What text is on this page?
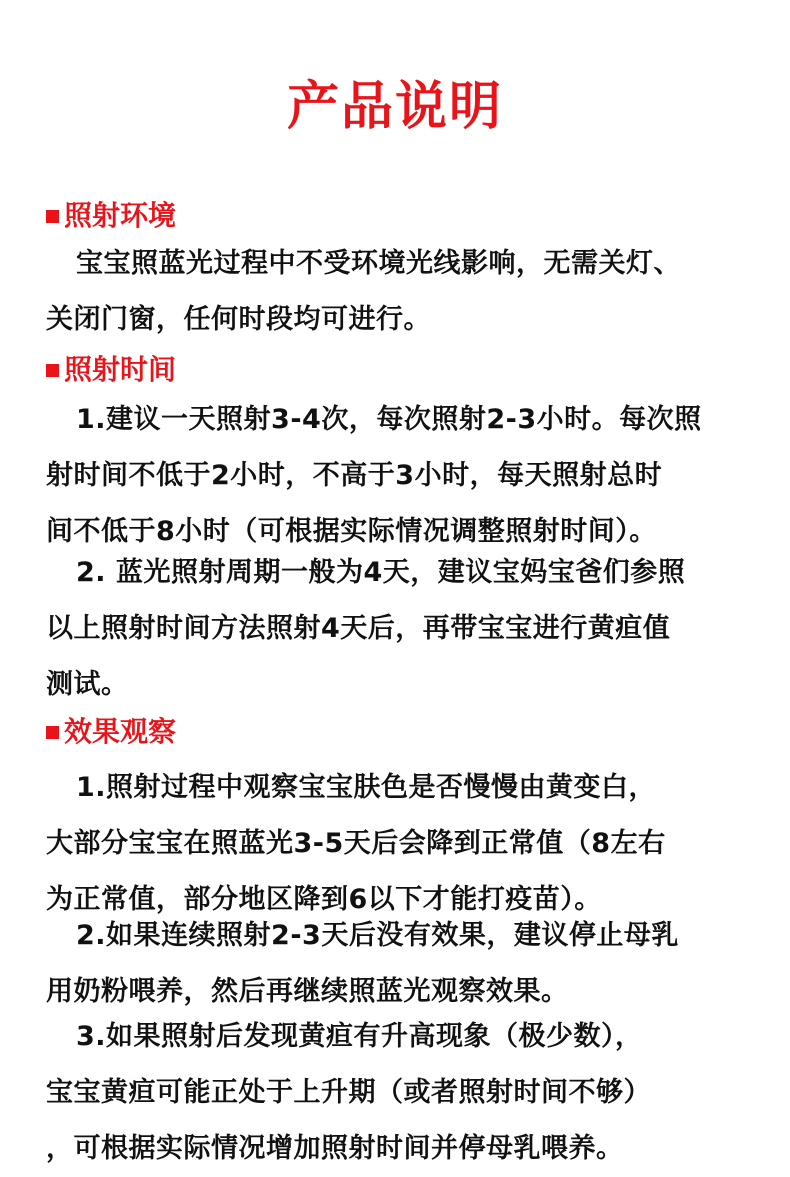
产品说明
照射环境
宝宝照蓝光过程中不受环境光线影响，无需关灯、
关闭门窗，任何时段均可进行。
照射时间
1.建议一天照射3-4次，每次照射2-3小时。每次照
射时间不低于2小时，不高于3小时，每天照射总时
间不低于8小时（可根据实际情况调整照射时间）。
2. 蓝光照射周期一般为4天，建议宝妈宝爸们参照
以上照射时间方法照射4天后，再带宝宝进行黄疸值
测试。
效果观察
1.照射过程中观察宝宝肤色是否慢慢由黄变白，
大部分宝宝在照蓝光3-5天后会降到正常值（8左右
为正常值，部分地区降到6以下才能打疫苗）。
2.如果连续照射2-3天后没有效果，建议停止母乳
用奶粉喂养，然后再继续照蓝光观察效果。
3.如果照射后发现黄疸有升高现象（极少数），
宝宝黄疸可能正处于上升期（或者照射时间不够）
，可根据实际情况增加照射时间并停母乳喂养。
